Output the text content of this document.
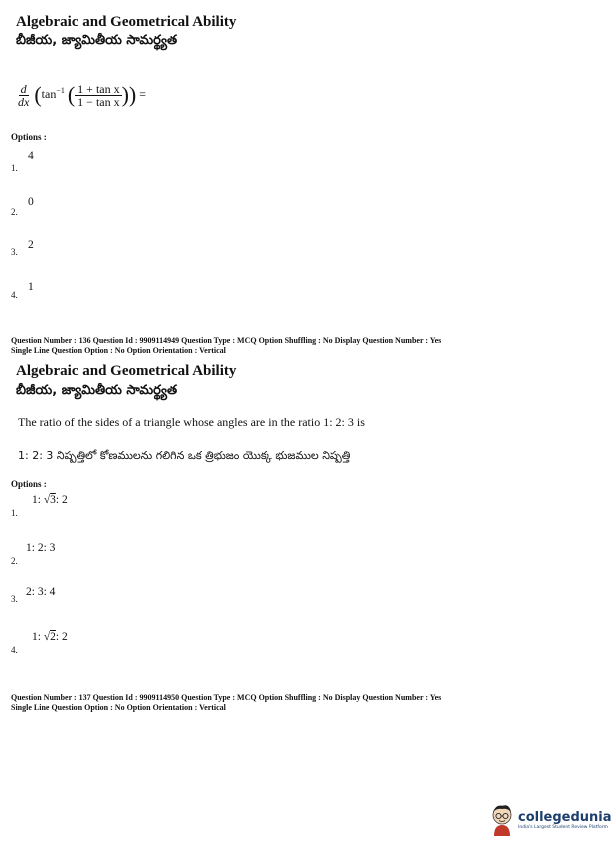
Algebraic and Geometrical Ability
బీజీయ, జ్యామితీయ సామర్థ్యత
$\frac{d}{dx} (\tan^{-1}$ ( $\frac{\text{1 + tan x}}{\text{1 − tan x}}$ )) =
Options :
4
1.
0
2.
2
3.
1
4.
Question Number : 136 Question Id : 9909114949 Question Type : MCQ Option Shuffling : No Display Question Number : Yes
Single Line Question Option : No Option Orientation : Vertical
Algebraic and Geometrical Ability
బీజీయ, జ్యామితీయ సామర్థ్యత
The ratio of the sides of a triangle whose angles are in the ratio 1: 2: 3 is
1: 2: 3 నిష్పత్తిలో కోణములను గలిగిన ఒక త్రిభుజం యొక్క భుజముల నిష్పత్తి
Options :
1: √3: 2
1.
1: 2: 3
2.
2: 3: 4
3.
1: √2: 2
4.
Question Number : 137 Question Id : 9909114950 Question Type : MCQ Option Shuffling : No Display Question Number : Yes
Single Line Question Option : No Option Orientation : Vertical
collegedunia
India's Largest Student Review Platform
